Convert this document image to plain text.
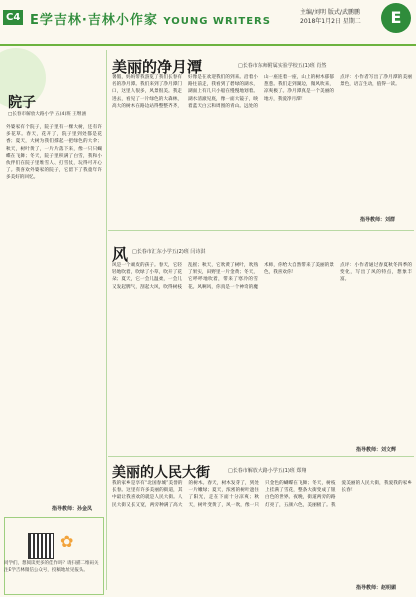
C4 E学吉林·吉林小作家 YOUNG WRITERS
主编/刘明 版式/武鹏鹏
2018年1月2日 星期二	E
美丽的净月潭	□长春市东师附属实验学校五(1)班 肖然

暑假，妈妈带我游览了我们长春有名的净月潭。我们来到了净月潭门口，这里人很多，风景很美。我走进去，看见了一片绿色的大森林，高大的树木在路边站得整整齐齐，好像是在欢迎我们的到来。沿着小路往前走，我看到了碧绿的湖水，湖面上有几只小船在慢慢地划着。湖水清澈见底，像一面大镜子，映着蓝天白云和周围的青山。远处的山一座连着一座，山上的树木郁郁葱葱。我们走到湖边，微风吹来，凉爽极了。净月潭真是一个美丽的地方，我爱净月潭！

点评：小作者写出了净月潭的美丽景色，语言生动，值得一读。

指导教师：刘群
院子
□长春市解放大路小学 五(4)班 王继涵

外婆家有个院子，院子里有一棵大树，还有许多花草。春天，花开了，院子里到处都是花香；夏天，大树为我们撑起一把绿色的大伞；秋天，树叶黄了，一片片落下来，像一只只蝴蝶在飞舞；冬天，院子里积满了白雪，我和小伙伴们在院子里堆雪人、打雪仗，玩得可开心了。我喜欢外婆家的院子，它留下了我童年许多美好的回忆。

指导教师：孙金凤
✿
同学们，想阅读更多的佳作吗？请扫描二维码关注E学吉林微信公众号，投稿地址见报头。
风 □长春市汇东小学五(2)班 闫诗淇

风是一个顽皮的孩子。春天，它轻轻地吹着，吹绿了小草，吹开了花朵；夏天，它一会儿温柔，一会儿又发起脾气，刮起大风，吹得树枝乱摇；秋天，它吹黄了树叶，吹熟了果实，田野里一片金黄；冬天，它呼呼地吹着，带来了寒冷的雪花。风啊风，你真是一个神奇的魔术师，你给大自然带来了美丽的景色，我喜欢你！

点评：小作者通过春夏秋冬四季的变化，写出了风的特点，想象丰富。

指导教师：刘文辉
美丽的人民大街	□长春市解放大路小学五(1)班 郑翔

我的家乡是享有“北国春城”美誉的长春。这里有许多美丽的街道，其中最让我喜欢的就是人民大街。人民大街又长又宽，两旁种满了高大的树木。春天，树木发芽了，到处一片嫩绿；夏天，浓密的树叶遮住了阳光，走在下面十分凉爽；秋天，树叶变黄了，风一吹，像一只只金色的蝴蝶在飞舞；冬天，树枝上挂满了雪花，整条大街变成了银白色的世界。夜晚，街道两旁的路灯亮了，五颜六色，美丽极了。我爱美丽的人民大街，我爱我的家乡长春！

指导教师：赵明媚
